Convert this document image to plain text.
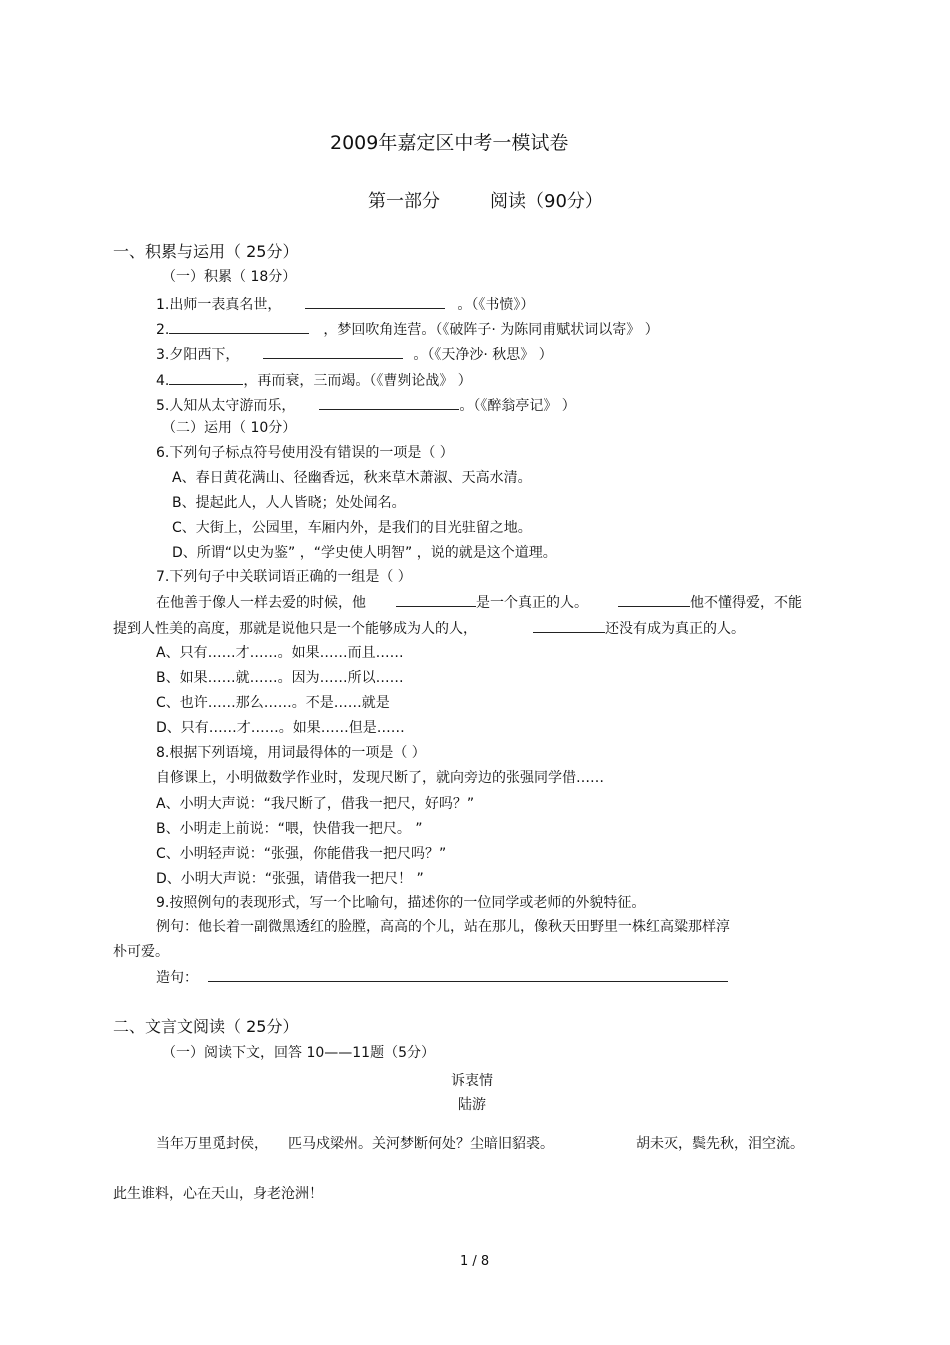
2009年嘉定区中考一模试卷
第一部分	阅读（90分）
一、积累与运用（ 25分）
（一）积累（ 18分）
1.出师一表真名世，	。（《书愤》）
2.	，梦回吹角连营。（《破阵子· 为陈同甫赋状词以寄》 ）
3.夕阳西下，	。（《天净沙· 秋思》 ）
4.	，再而衰，三而竭。（《曹刿论战》 ）
5.人知从太守游而乐，	。（《醉翁亭记》 ）
（二）运用（ 10分）
6.下列句子标点符号使用没有错误的一项是（ ）
A、春日黄花满山、径幽香远，秋来草木萧淑、天高水清。
B、提起此人，人人皆晓；处处闻名。
C、大街上，公园里，车厢内外，是我们的目光驻留之地。
D、所谓“以史为鉴” ，“学史使人明智” ，说的就是这个道理。
7.下列句子中关联词语正确的一组是（ ）
在他善于像人一样去爱的时候，他	是一个真正的人。	他不懂得爱，不能
提到人性美的高度，那就是说他只是一个能够成为人的人，	还没有成为真正的人。
A、只有……才……。如果……而且……
B、如果……就……。因为……所以……
C、也许……那么……。不是……就是
D、只有……才……。如果……但是……
8.根据下列语境，用词最得体的一项是（ ）
自修课上，小明做数学作业时，发现尺断了，就向旁边的张强同学借……
A、小明大声说：“我尺断了，借我一把尺，好吗？”
B、小明走上前说：“喂，快借我一把尺。 ”
C、小明轻声说：“张强，你能借我一把尺吗？”
D、小明大声说：“张强，请借我一把尺！ ”
9.按照例句的表现形式，写一个比喻句，描述你的一位同学或老师的外貌特征。
例句：他长着一副微黑透红的脸膛，高高的个儿，站在那儿，像秋天田野里一株红高粱那样淳
朴可爱。
造句：
二、文言文阅读（ 25分）
（一）阅读下文，回答 10——11题（5分）
诉衷情
陆游
当年万里觅封侯， 匹马戍梁州。关河梦断何处？尘暗旧貂裘。	胡未灭，鬓先秋，泪空流。
此生谁料，心在天山，身老沧洲！
1 / 8
